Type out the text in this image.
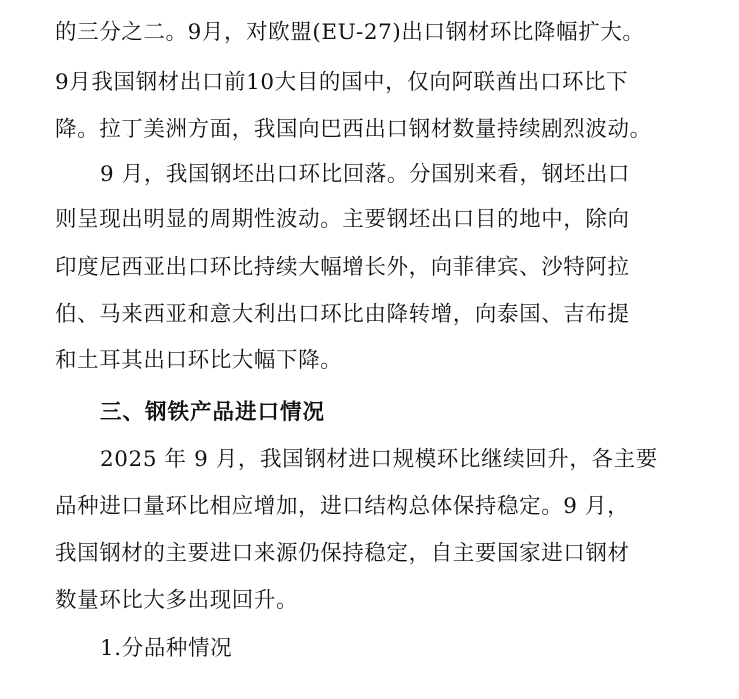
的三分之二。9月，对欧盟(EU-27)出口钢材环比降幅扩大。
9月我国钢材出口前10大目的国中，仅向阿联酋出口环比下
降。拉丁美洲方面，我国向巴西出口钢材数量持续剧烈波动。
9 月，我国钢坯出口环比回落。分国别来看，钢坯出口
则呈现出明显的周期性波动。主要钢坯出口目的地中，除向
印度尼西亚出口环比持续大幅增长外，向菲律宾、沙特阿拉
伯、马来西亚和意大利出口环比由降转增，向泰国、吉布提
和土耳其出口环比大幅下降。
三、钢铁产品进口情况
2025 年 9 月，我国钢材进口规模环比继续回升，各主要
品种进口量环比相应增加，进口结构总体保持稳定。9 月，
我国钢材的主要进口来源仍保持稳定，自主要国家进口钢材
数量环比大多出现回升。
1.分品种情况
